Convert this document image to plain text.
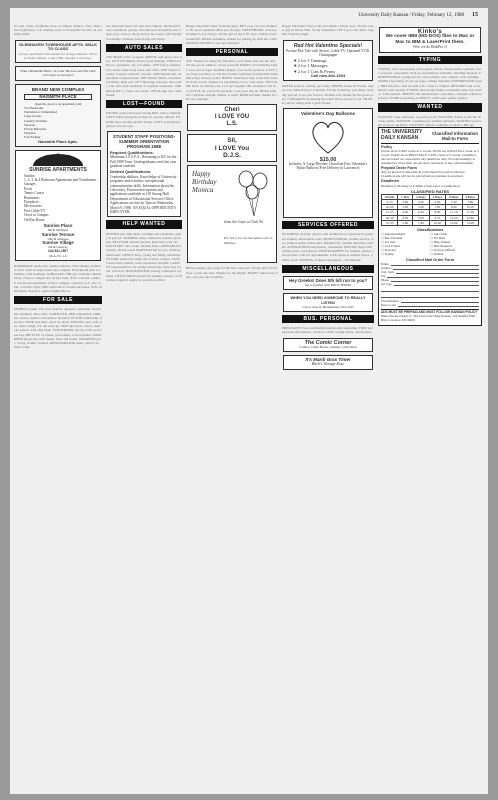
University Daily Kansan / Friday, February 12, 1988 15
for rent, 3 bdr, townhome close to campus. Walk to class. Full-sized appliances, CA, laundry, pool. Call anytime for info on available units.
GLENHAVEN TOWNHOUSE APTS. WALK TO CLASS
Luxury apartments discounted for spring semester. 2 blocks from campus. 1 and 2 BR, laundry. Call today.
What a Bridal Bet Bears, To Color You Love and The Little Cars Gave to everyone's
BRAND NEW COMPLEX
NAISMITH PLACE
Open the doors to an apartment with
Two Bedrooms
Furnished or Unfurnished
Large Closets
Laundry Facilities
Spacious
Private Balconies
Fireplace
Free Parking
Naismith Place Apts.
SUNRISE APARTMENTS
Studios
1, 2, 3, & 4 Bedroom Apartments and Townhomes
Garages
Pools
Tennis Courts
Basements
Fireplaces
Microwaves
Free Cable TV
Close to Campus
On Bus Route
Sunrise Place
9th & Michigan
Sunrise Terrace
10th & Arkansas
Sunrise Village
6th & Gateway
Call 841-1807
Mon.-Fri. 1-6
ROOMMATE needed for spring semester. Non-smoker preferred. Own room in large house near campus. $150/month plus 1/3 utilities. Call evenings. SUBLEASE 1 BR apt. available immediately, close to campus and on bus route. $275 a month. LARGE 2 bedroom apartment, walk to campus, carpeted, A/C, free cable. Call after 5pm. ONE bedroom in 3 bedroom house. W/D, dishwasher, fireplace. Quiet neighborhood.
FOR SALE
STEREO system, 100 watt receiver, speakers, turntable. Excellent condition. Best offer. COMPUTER, IBM compatible, 640K, two drives, monitor and printer included. FUTON with frame, like new. DESK and chair, good for dorm. MOVING sale: sofa, bed, table, lamps, TV. All must go. SKIS and boots, size 9, used one season. Call after 6pm. TYPEWRITER electric with correction key. BICYCLE 12-speed, good shape, lock included. WATERBED queen size with heater, liner and frame. SPEAKERS pair, 3-way, walnut cabinets. REFRIGERATOR small, perfect for dorm room.
two bedroom house for rent near campus, hardwood floors, basement, garage. Pets allowed. Available now. Large yard, close to shops and on bus route. Call landlord evenings. Utilities paid except electricity.
AUTO SALES
1981 Honda Civic, 4-speed, AM/FM, runs great, new tires. 1979 VW Rabbit, diesel, good mileage. 1984 Ford Escort, automatic, air, low miles. 1978 Chevy Camaro, V-8, needs some body work, best offer. 1983 Toyota Corolla, 5-speed, sunroof, cassette. 1980 Datsun 210, dependable transportation. 1985 Nissan Sentra, excellent condition, must sell. 1977 Mustang, restored, new paint. Call after 5pm weekdays or anytime weekends. 1982 Mazda RX-7, clean, one owner. 1976 Dodge van, customized.
LOST—FOUND
FOUND: gold watch near Strong Hall. Call to identify. LOST: black backpack in Wescoe, reward offered. FOUND: keys on ring outside Union. LOST: prescription glasses, brown case.
STUDENT STAFF POSITIONS-SUMMER ORIENTATION PROGRAM 1988
Required Qualifications:
Minimum 3.0 G.P.A., Returning to KU for the Fall 1988 Term. Undergraduates and first year graduate students
Desired Qualifications:
Leadership abilities, Knowledge of University programs and activities, interpersonal communication skills. Information about the University. Position descriptions and applications available in 118 Strong Hall. Departments of Educational Services Office. Applications are due by 5pm on Wednesday, March 9, 1988. AN EQUAL OPPORTUNITY EMPLOYER.
HELP WANTED
NEEDED part-time help, evenings and weekends, apply in person. SUMMER camp counselors wanted, good pay. DELIVERY drivers needed, must have own car. WAITSTAFF and cooks, flexible hours. RESEARCH assistant, 20 hrs/week. BABYSITTER for two children, afternoons. OFFICE help, typing and filing, mornings. TUTORS needed for math and science courses. SALES associates wanted, retail experience helpful. CAMPUS representatives for spring break trips. Earn free travel. Call now. HOUSEKEEPER weekly, references required. LIFEGUARDS needed for summer season, certification required. Apply at recreation office.
Happy Valentine's Day, from the guys. HEY you, yes you, thanks for the great weekend. Miss you already. SWEETHEART, will you be mine? Love always. TO the girl in my 9:30 class, I think you're wonderful. DEAR roommate, thanks for putting up with me. CONGRATULATIONS to our new initiates!
PERSONAL
A.B. Thanks for being my Valentine. Let's make this one the best. TO my secret admirer, reveal yourself! HAPPY 21st birthday Jenny, now you're legal. KAPPA pledges, you are the greatest. LOVE you, hope you know it. TO my favorite Jayhawk, be mine this Valentine's Day. Always yours. HAPPY Valentine's Day to the best friends in the world. Thanks for everything. Love, your sister. WELCOME back, we missed you. Let's get together this weekend. Call me. LITTLE sis, you're the greatest. Love your big sis. DEAR John, let's celebrate tonight. Dinner at eight. MOM and Dad, thanks for the care package.
Cheri
I LOVE YOU
L.S.
Sil,
I LOVE You
D.J.S.
Happy
Birthday
Monica
from the Guys at Club 94.
P.S. Sorry for the late phone call on Monday.
BETA pledges, get ready for the best week yet. TO the girls of 3rd floor, you're the best. Thanks for the laughs. HAPPY anniversary babe, one year and counting.
Happy Valentine's Day to my sweetheart. All my love. TO the cutest guy in Oliver Hall, be my Valentine? LET'S go to the dance together Saturday night.
Red Hot Valentine Specials!
Private Hot Tub with Stereo, Cable TV, Optional VCR. Champagne
♥ 2 for 1 Tannings
♥ 2 for 1 Massages
♥ 2 for 1 Cuts & Perms
Call now 842-1004
GREEK week is coming, get ready. SPRING break in Florida, sign up now, limited space available. TO my Valentine, you make every day special. Love you forever. SIGMA Chi, thanks for the great party. CONGRATS on making the team! We're proud of you. THANK you for being such a great friend.
Valentine's Day Balloons
$15.00
Includes: X-Large Hershey Chocolate Kiss Valentine's Mylar Balloon (Free Delivery in Lawrence)
SERVICES OFFERED
TUTORING in math, physics and chemistry by experienced graduate student. Reasonable rates. PROFESSIONAL resume service, laser printed, quick turnaround. HAIRCUTS, student discounts with ID. ALTERATIONS and sewing, reasonable. MOVING help with pickup truck, local moves. PHOTOGRAPHY for formals, parties and portraits. Call for appointment. CAR repair at student prices, quality work. EDITING of theses and papers, call anytime.
MISCELLANEOUS
Hey Greeks! Does 5th bill run to you?
Get it together with TRICK PHONE
WHEN YOU NEED SOMEONE TO REALLY LISTEN
Call or drop by Headquarters. 841-2345
BUS. PERSONAL
PREGNANT? Free confidential testing and counseling. FREE spring break information, call now. LOSE weight safely, ask me how.
The Comic Corner
Comics, Comic Books, Gaming, Collectibles
It's Mardi Gras Time!
Barb's Vintage Rose
Kinko's
We cover IBM (MS-DOS) files to Mac or Mac to IBM & LaserPrint them.
(Yes, we do DeskPro 1)
TYPING
TYPING, word processing, term papers, theses, dissertations, resumes. Fast, accurate, reasonable. Pick up and delivery available. Spelling checked. PROFESSIONAL typing service, laser printer, near campus. Call evenings. WORD processing, $1.25 per page, editing included. EXPERIENCED typist, IBM Selectric, will do rush jobs. Close to campus. RESUMES and cover letters, laser quality. TYPING done in my home, reasonable rates, fast service. Call anytime. THESES and dissertations a specialty. Graduate school approved. WORD processing on IBM PC with letter quality printer.
WANTED
WANTED: used textbooks, top prices paid. WANTED: tickets to the KU-K-State game. WANTED: roommate for summer sublease. WANTED: used bike in good condition. WANTED: female roommate to share 2 BR apt.
THE UNIVERSITY DAILY KANSAN
Classified Information Mail-In Form
Policy
Words set in CAPS count as 2 words. Words set in Bold Face count as 3 words. Words set in BOLD FACE CAPS count as 5 words. Classified ads are based on consecutive day insertions only. No responsibility is assumed for more than one incorrect insertion of any advertisement.
Prepaid Order Form
Any ad placed on this mail-in form should be paid in advance. Classified ads will not be placed before payment is received.
Deadlines
Deadline is Monday at 4:30pm 2 days prior to publication.
CLASSIFIED RATES
Words	1 Day	2 Days	3 Days	4 Days	5 Days
0-15	2.60	4.20	6.00	7.20	7.90
16-20	3.20	5.20	7.60	9.40	10.10
21-25	4.00	6.40	8.80	11.10	11.50
26-30	4.50	7.00	9.70	12.20	12.80
31-35	5.00	7.40	10.20	13.00	13.90
Classifications
☐ Announcements	☐ Auto Sales
☐ Bus. Personal	☐ For Rent
☐ For Sale	☐ Help Wanted
☐ Lost-Found	☐ Miscellaneous
☐ Personal	☐ Services Offered
☐ Typing	☐ Wanted
Classified Mail Order Form
Name
Address
City, State
Zip
Phone
Ad copy
Classification
Days to run
ADS MUST BE PREPAID AND MUST FOLLOW KANSAN POLICY
Make checks payable to: The University Daily Kansan, 119 Stauffer-Flint Hall, Lawrence, KS 66045
